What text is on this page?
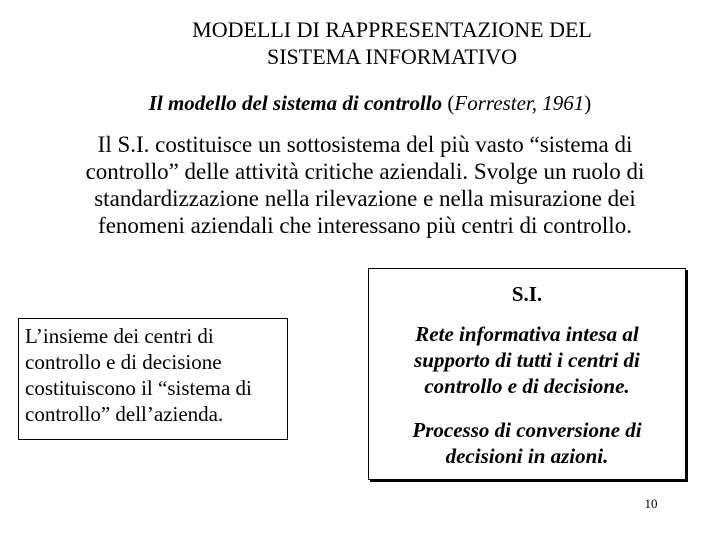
MODELLI DI RAPPRESENTAZIONE DEL
SISTEMA INFORMATIVO
Il modello del sistema di controllo (Forrester, 1961)
Il S.I. costituisce un sottosistema del più vasto “sistema di
controllo” delle attività critiche aziendali. Svolge un ruolo di
standardizzazione nella rilevazione e nella misurazione dei
fenomeni aziendali che interessano più centri di controllo.
L’insieme dei centri di
controllo e di decisione
costituiscono il “sistema di
controllo” dell’azienda.
S.I.
Rete informativa intesa al
supporto di tutti i centri di
controllo e di decisione.
Processo di conversione di
decisioni in azioni.
10
